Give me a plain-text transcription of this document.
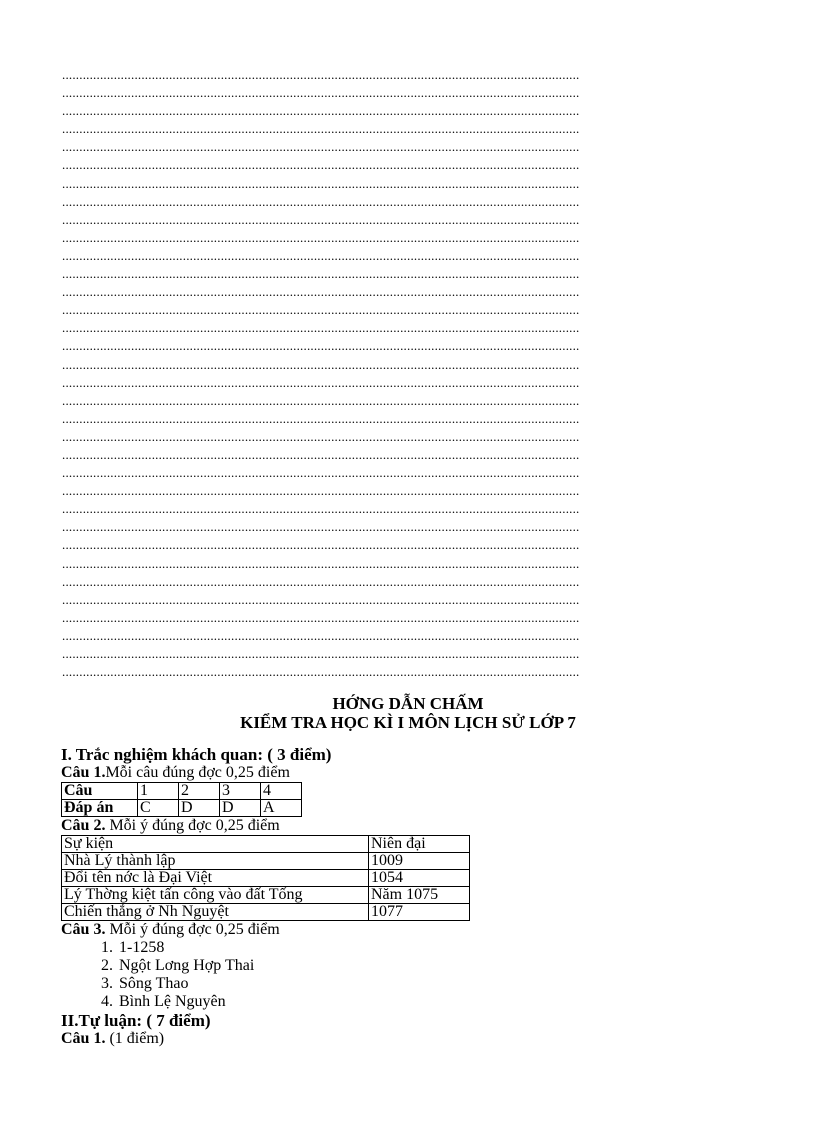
......................................................................................................................................................
......................................................................................................................................................
......................................................................................................................................................
......................................................................................................................................................
......................................................................................................................................................
......................................................................................................................................................
......................................................................................................................................................
......................................................................................................................................................
......................................................................................................................................................
......................................................................................................................................................
......................................................................................................................................................
......................................................................................................................................................
......................................................................................................................................................
......................................................................................................................................................
......................................................................................................................................................
......................................................................................................................................................
......................................................................................................................................................
......................................................................................................................................................
......................................................................................................................................................
......................................................................................................................................................
......................................................................................................................................................
......................................................................................................................................................
......................................................................................................................................................
......................................................................................................................................................
......................................................................................................................................................
......................................................................................................................................................
......................................................................................................................................................
......................................................................................................................................................
......................................................................................................................................................
......................................................................................................................................................
......................................................................................................................................................
......................................................................................................................................................
......................................................................................................................................................
......................................................................................................................................................
HỚNG DẪN CHẤM
KIỂM TRA HỌC KÌ I MÔN LỊCH SỬ LỚP 7
I. Trắc nghiệm khách quan: ( 3 điểm)
Câu 1.Mỗi câu đúng đợc 0,25 điểm
Câu	1	2	3	4
Đáp án	C	D	D	A
Câu 2. Mỗi ý đúng đợc 0,25 điểm
Sự kiện	Niên đại
Nhà Lý thành lập	1009
Đổi tên nớc là Đại Việt	1054
Lý Thờng kiệt tấn công vào đất Tống	Năm 1075
Chiến thắng ở Nh Nguyệt	1077
Câu 3. Mỗi ý đúng đợc 0,25 điểm
1. 1-1258
2. Ngột Lơng Hợp Thai
3. Sông Thao
4. Bình Lệ Nguyên
II.Tự luận: ( 7 điểm)
Câu 1. (1 điểm)
